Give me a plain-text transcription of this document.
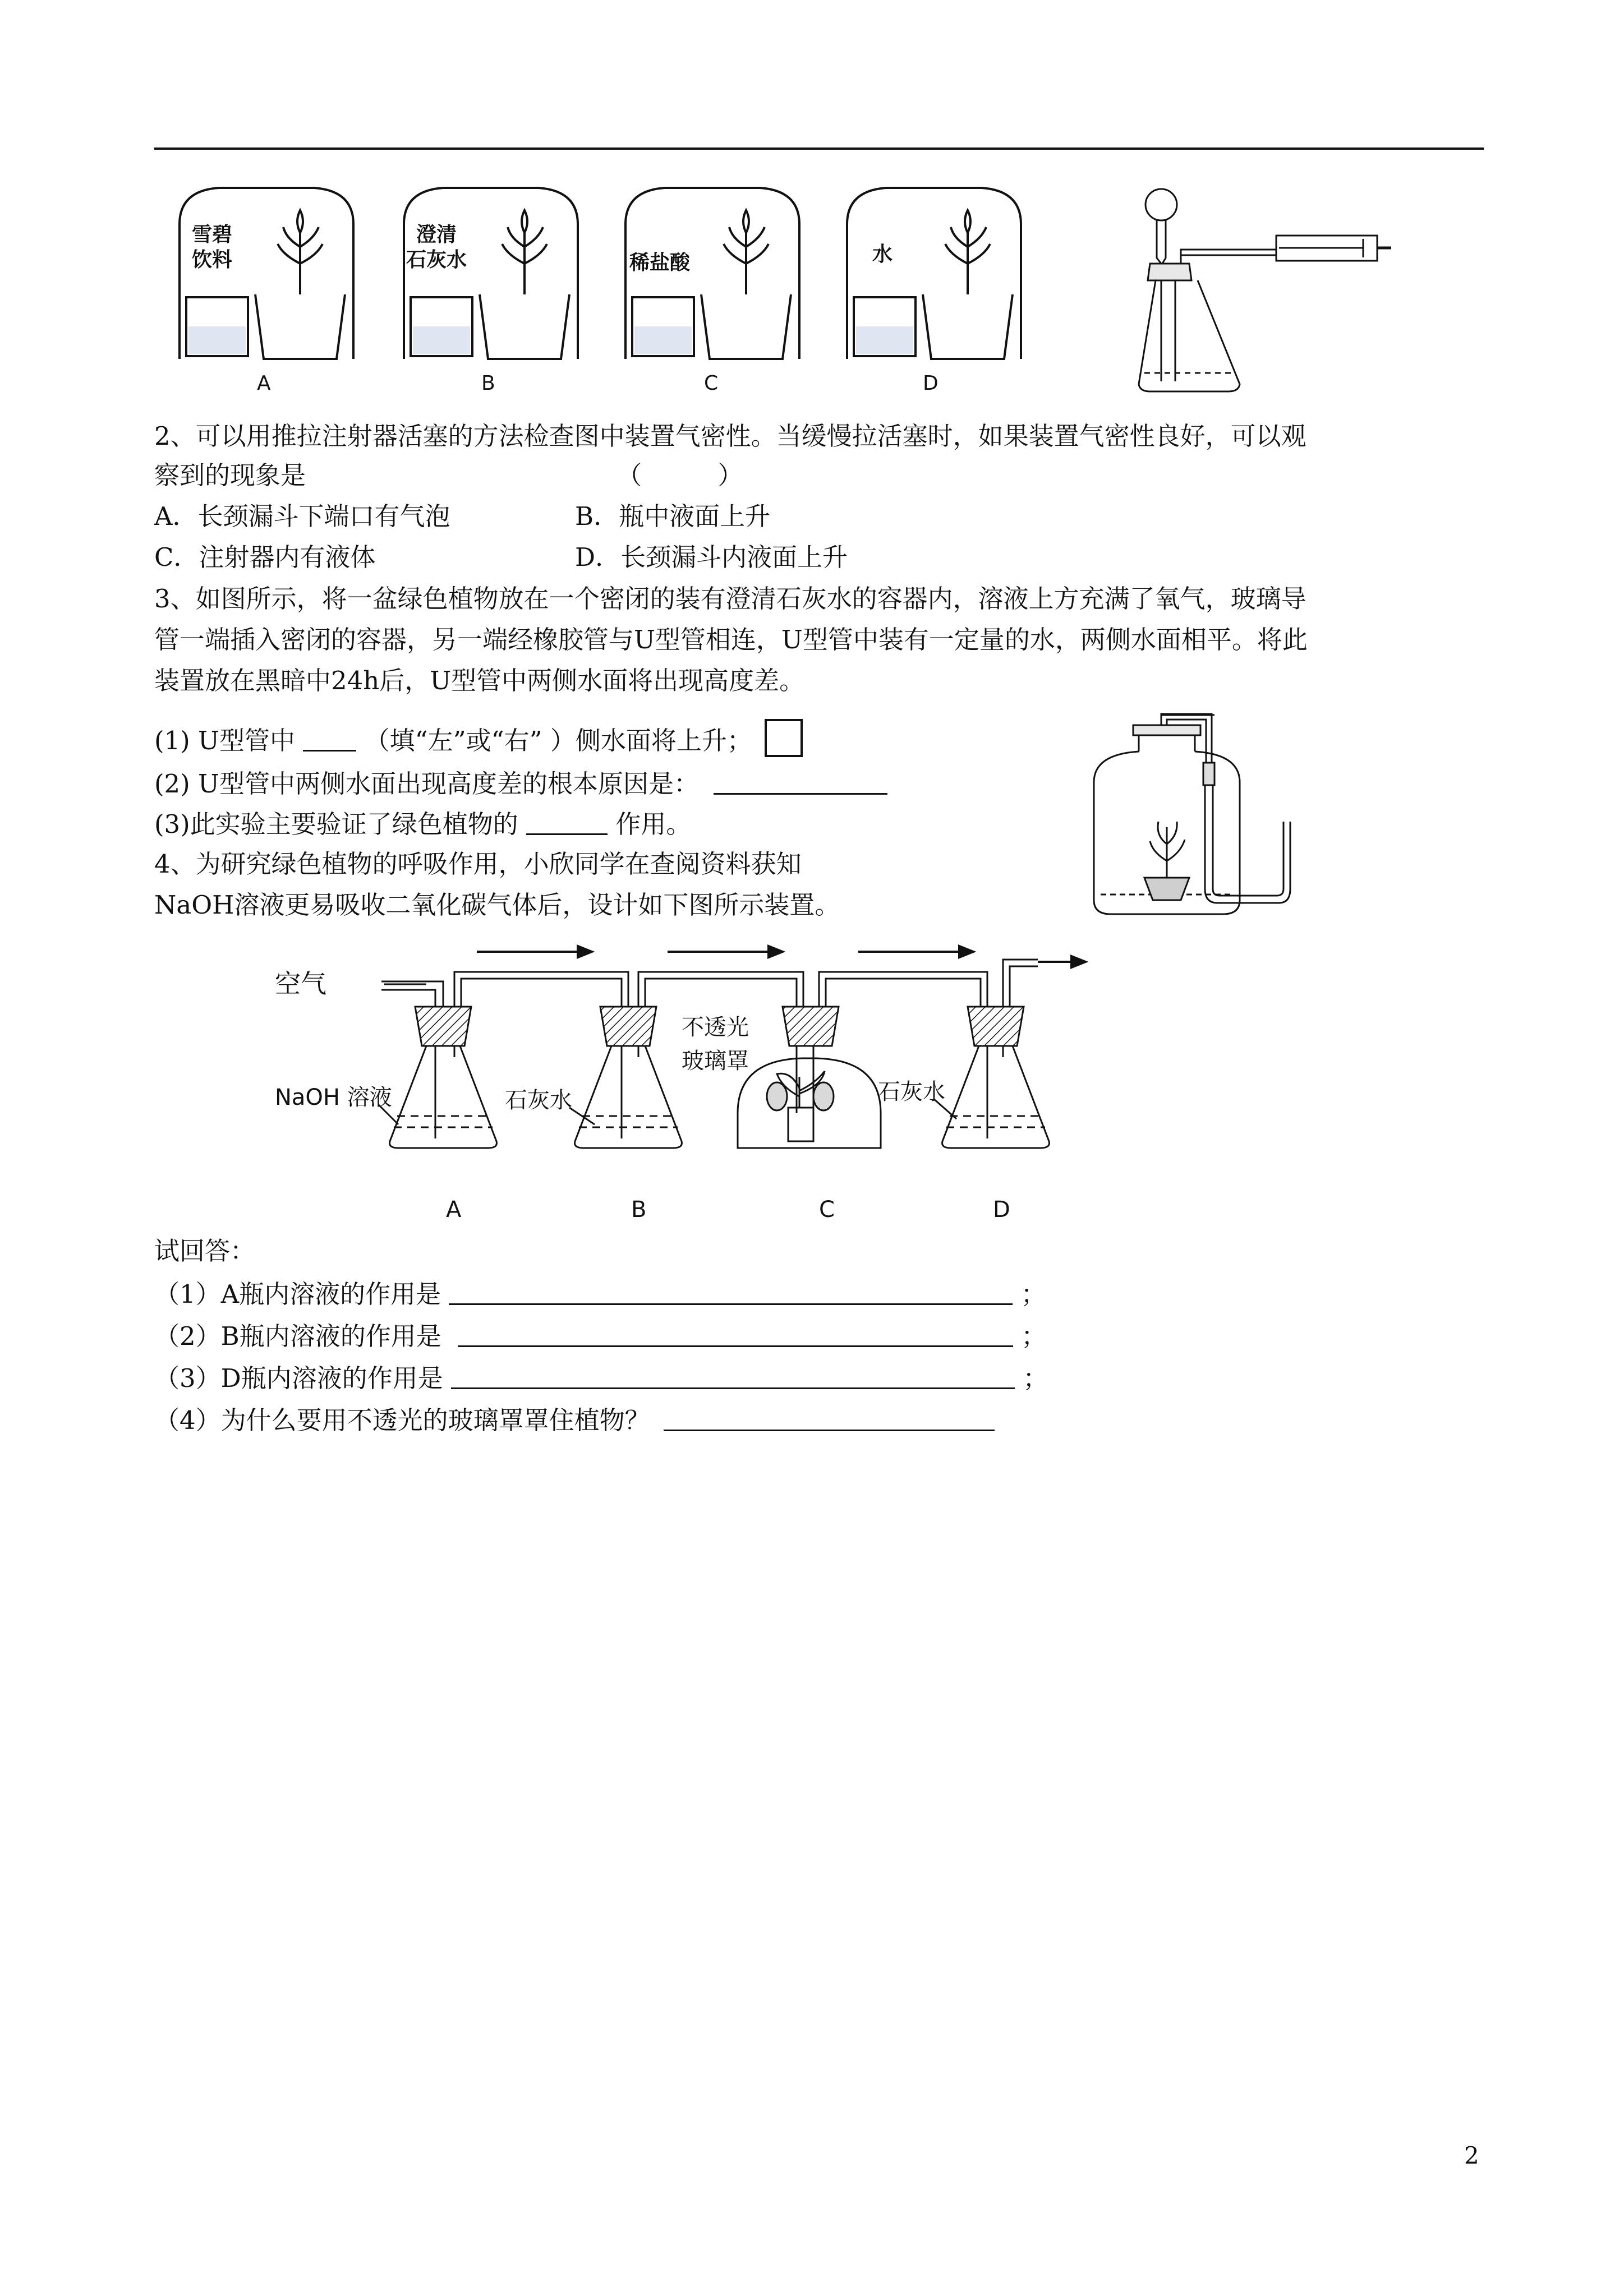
雪碧
饮料
澄清
石灰水	稀盐酸	水
A	B	C	D
2、可以用推拉注射器活塞的方法检查图中装置气密性。当缓慢拉活塞时，如果装置气密性良好，可以观
察到的现象是	（　　　）
A．长颈漏斗下端口有气泡	B．瓶中液面上升
C．注射器内有液体	D．长颈漏斗内液面上升
3、如图所示，将一盆绿色植物放在一个密闭的装有澄清石灰水的容器内，溶液上方充满了氧气，玻璃导
管一端插入密闭的容器，另一端经橡胶管与U型管相连，U型管中装有一定量的水，两侧水面相平。将此
装置放在黑暗中24h后，U型管中两侧水面将出现高度差。
(1) U型管中	（填“左”或“右” ）侧水面将上升；
(2) U型管中两侧水面出现高度差的根本原因是：
(3)此实验主要验证了绿色植物的	作用。
4、为研究绿色植物的呼吸作用，小欣同学在查阅资料获知
NaOH溶液更易吸收二氧化碳气体后，设计如下图所示装置。
空气
不透光
玻璃罩
NaOH 溶液	石灰水	石灰水
A	B	C	D
试回答：
（1）A瓶内溶液的作用是	；
（2）B瓶内溶液的作用是	；
（3）D瓶内溶液的作用是	；
（4）为什么要用不透光的玻璃罩罩住植物？
2
